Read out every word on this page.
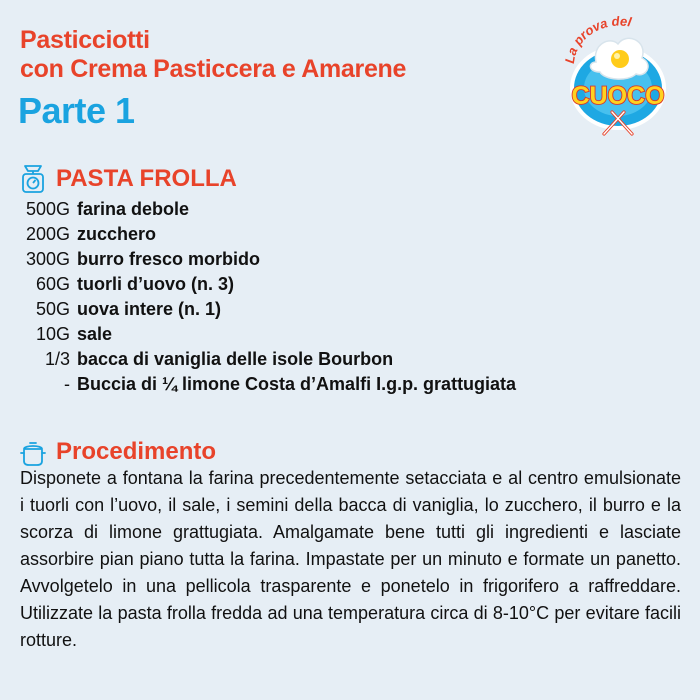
Pasticciotti
con Crema Pasticcera e Amarene
Parte 1
La prova del
CUOCO
PASTA FROLLA
500G farina debole
200G zucchero
300G burro fresco morbido
60G tuorli d’uovo (n. 3)
50G uova intere (n. 1)
10G sale
1/3 bacca di vaniglia delle isole Bourbon
- Buccia di ¼ limone Costa d’Amalfi I.g.p. grattugiata
Procedimento
Disponete a fontana la farina precedentemente setacciata e al centro emulsionate i tuorli con l’uovo, il sale, i semini della bacca di vaniglia, lo zucchero, il burro e la scorza di limone grattugiata. Amalgamate bene tutti gli ingredienti e lasciate assorbire pian piano tutta la farina. Impastate per un minuto e formate un panetto. Avvolgetelo in una pellicola trasparente e ponetelo in frigorifero a raffreddare. Utilizzate la pasta frolla fredda ad una temperatura circa di 8-10°C per evitare facili rotture.
